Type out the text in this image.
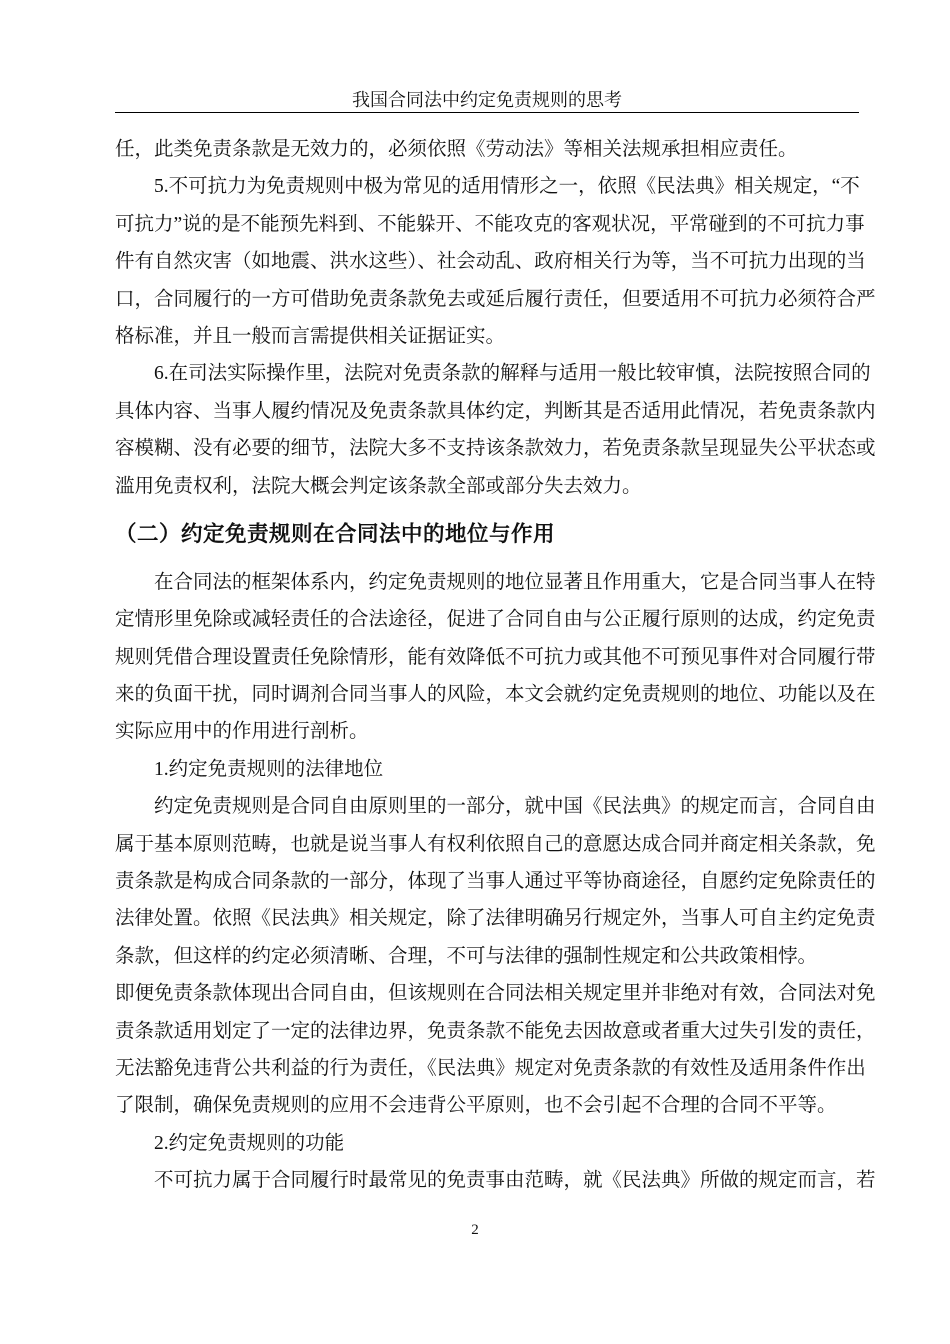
我国合同法中约定免责规则的思考
任，此类免责条款是无效力的，必须依照《劳动法》等相关法规承担相应责任。
5.不可抗力为免责规则中极为常见的适用情形之一，依照《民法典》相关规定，“不
可抗力”说的是不能预先料到、不能躲开、不能攻克的客观状况，平常碰到的不可抗力事
件有自然灾害（如地震、洪水这些）、社会动乱、政府相关行为等，当不可抗力出现的当
口，合同履行的一方可借助免责条款免去或延后履行责任，但要适用不可抗力必须符合严
格标准，并且一般而言需提供相关证据证实。
6.在司法实际操作里，法院对免责条款的解释与适用一般比较审慎，法院按照合同的
具体内容、当事人履约情况及免责条款具体约定，判断其是否适用此情况，若免责条款内
容模糊、没有必要的细节，法院大多不支持该条款效力，若免责条款呈现显失公平状态或
滥用免责权利，法院大概会判定该条款全部或部分失去效力。
（二）约定免责规则在合同法中的地位与作用
在合同法的框架体系内，约定免责规则的地位显著且作用重大，它是合同当事人在特
定情形里免除或减轻责任的合法途径，促进了合同自由与公正履行原则的达成，约定免责
规则凭借合理设置责任免除情形，能有效降低不可抗力或其他不可预见事件对合同履行带
来的负面干扰，同时调剂合同当事人的风险，本文会就约定免责规则的地位、功能以及在
实际应用中的作用进行剖析。
1.约定免责规则的法律地位
约定免责规则是合同自由原则里的一部分，就中国《民法典》的规定而言，合同自由
属于基本原则范畴，也就是说当事人有权利依照自己的意愿达成合同并商定相关条款，免
责条款是构成合同条款的一部分，体现了当事人通过平等协商途径，自愿约定免除责任的
法律处置。依照《民法典》相关规定，除了法律明确另行规定外，当事人可自主约定免责
条款，但这样的约定必须清晰、合理，不可与法律的强制性规定和公共政策相悖。
即便免责条款体现出合同自由，但该规则在合同法相关规定里并非绝对有效，合同法对免
责条款适用划定了一定的法律边界，免责条款不能免去因故意或者重大过失引发的责任，
无法豁免违背公共利益的行为责任，《民法典》规定对免责条款的有效性及适用条件作出
了限制，确保免责规则的应用不会违背公平原则，也不会引起不合理的合同不平等。
2.约定免责规则的功能
不可抗力属于合同履行时最常见的免责事由范畴，就《民法典》所做的规定而言，若
2
